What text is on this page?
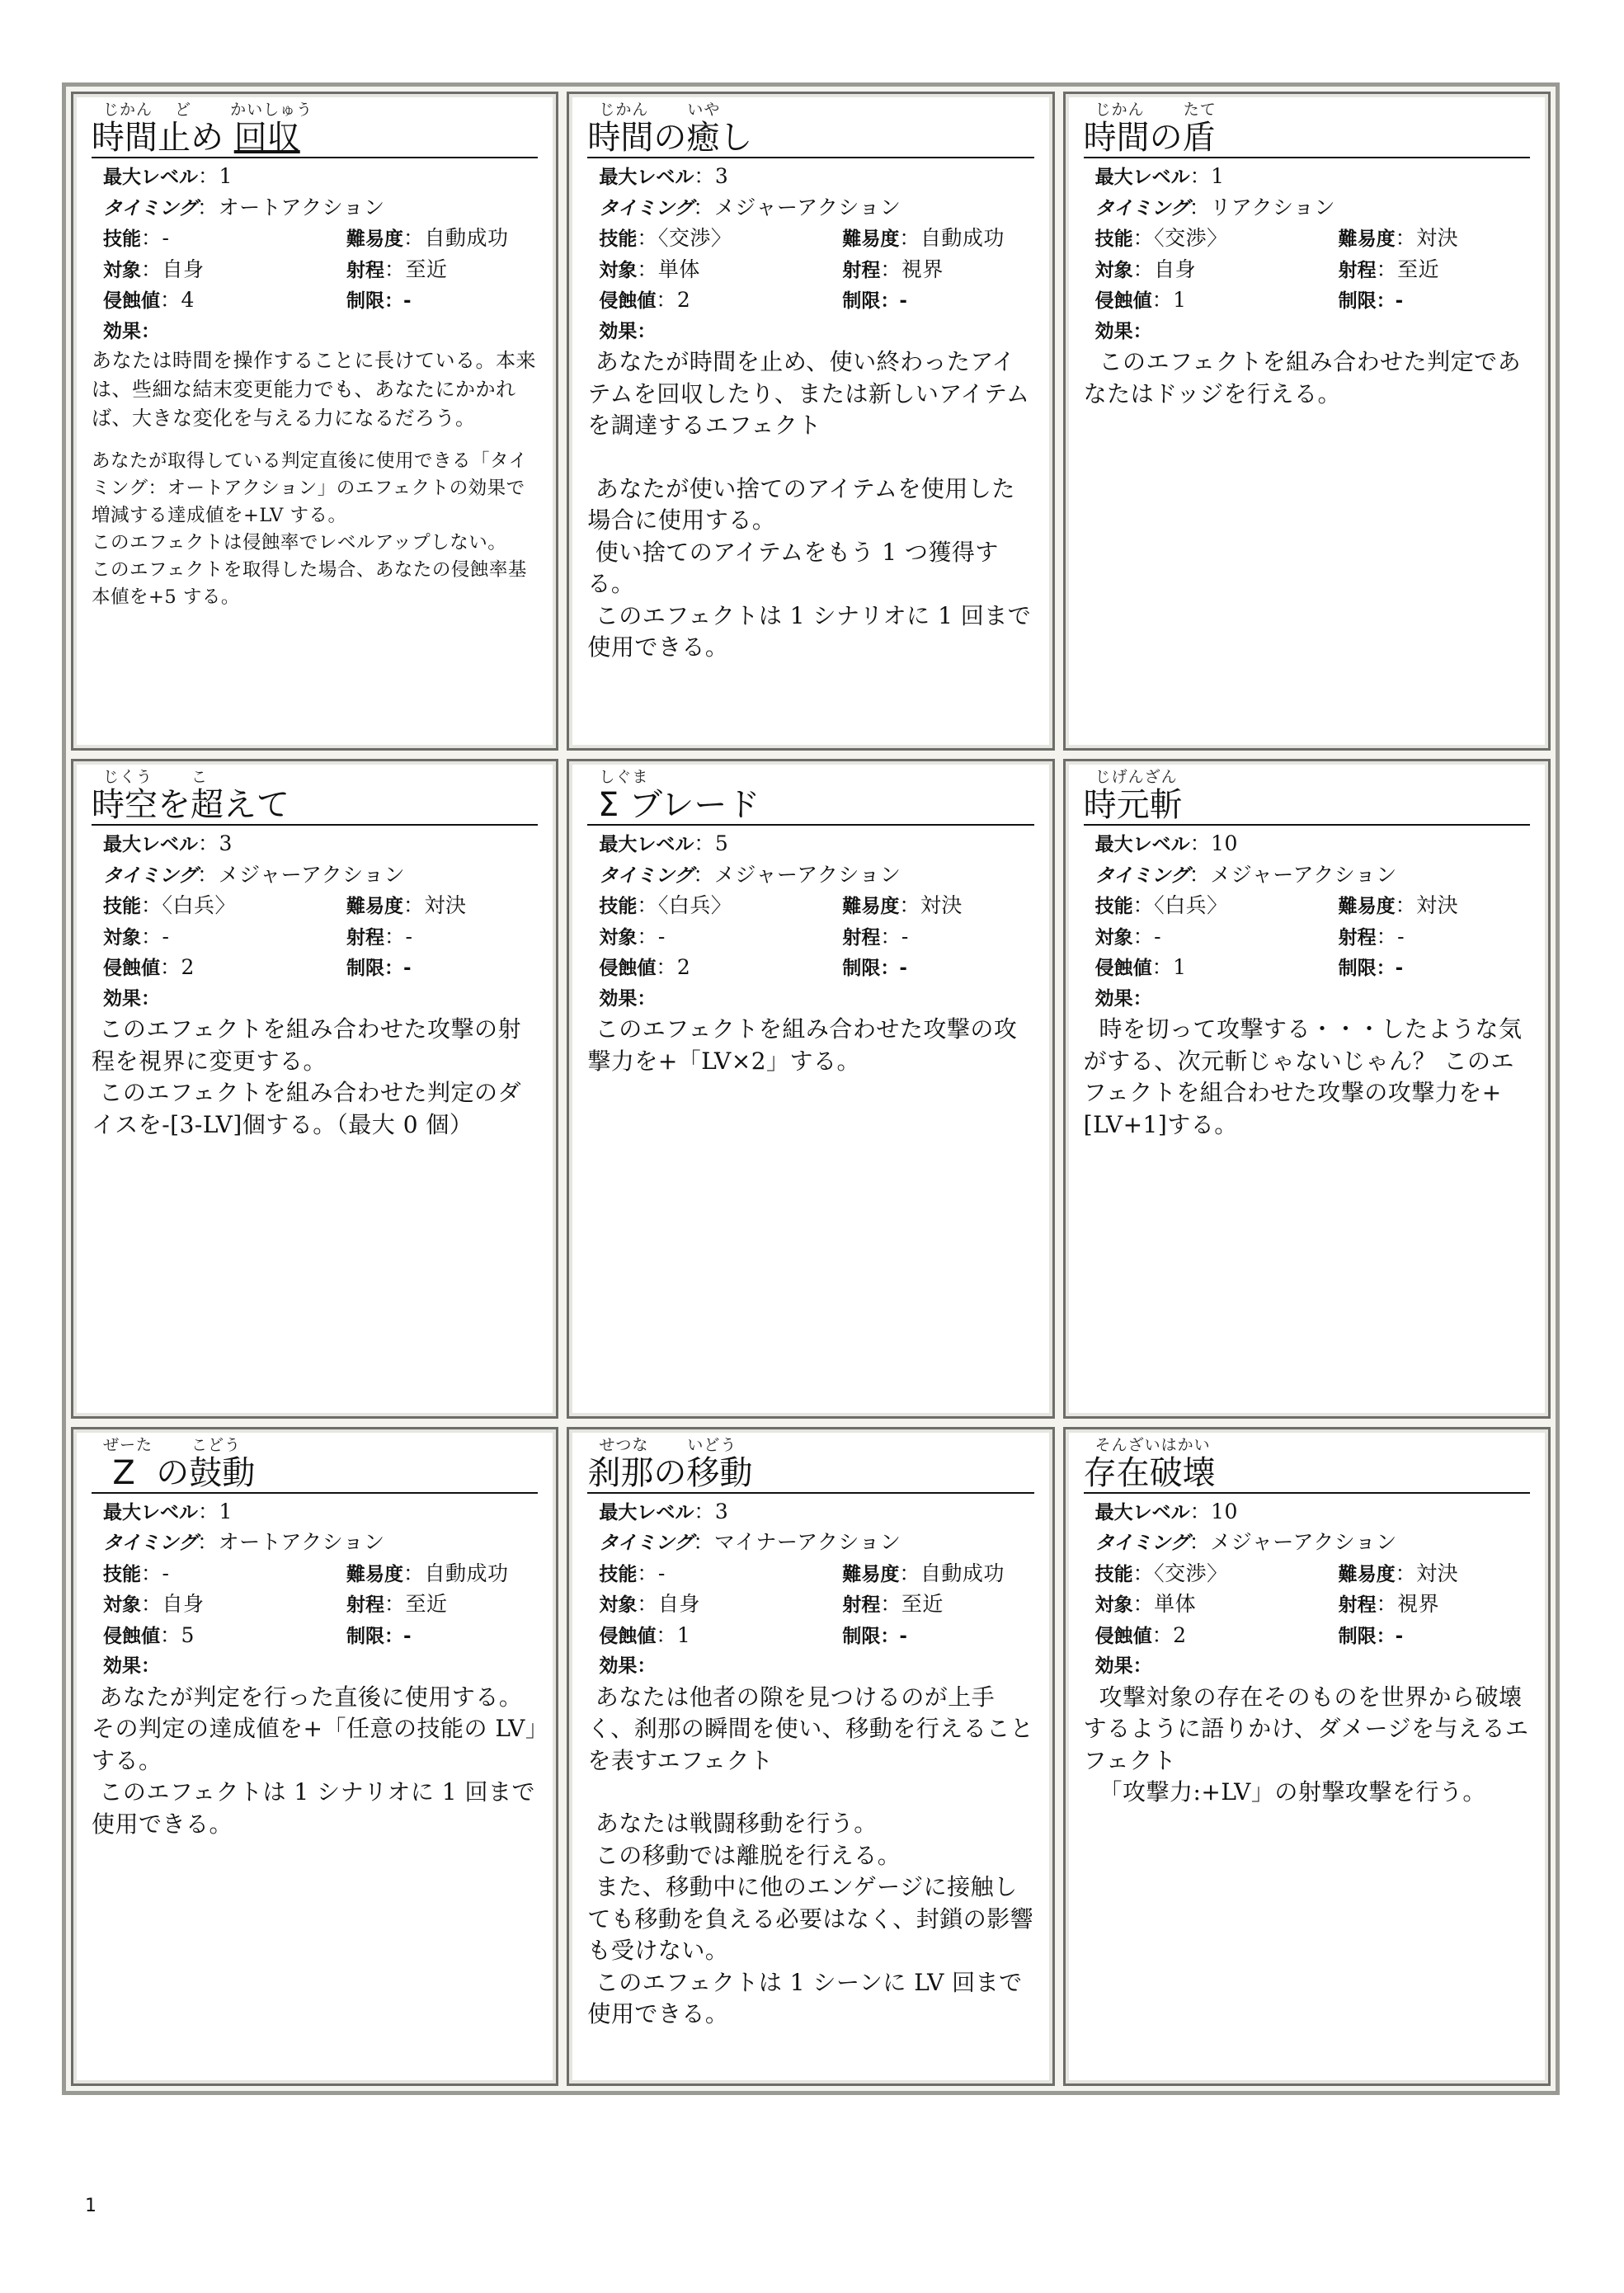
じかん　 ど　　 かいしゅう
時間止め 回収
最大レベル：1
タイミング：オートアクション
技能：-	難易度：自動成功
対象：自身	射程：至近
侵蝕値：4	制限：-
効果：

あなたは時間を操作することに長けている。本来は、些細な結末変更能力でも、あなたにかかれば、大きな変化を与える力になるだろう。

あなたが取得している判定直後に使用できる「タイミング：オートアクション」のエフェクトの効果で増減する達成値を+LV する。

このエフェクトは侵蝕率でレベルアップしない。

このエフェクトを取得した場合、あなたの侵蝕率基本値を+5 する。

じかん　　 いや
時間の癒し
最大レベル：3
タイミング：メジャーアクション
技能：〈交渉〉	難易度：自動成功
対象：単体	射程：視界
侵蝕値：2	制限：-
効果：

あなたが時間を止め、使い終わったアイテムを回収したり、または新しいアイテムを調達するエフェクト

あなたが使い捨てのアイテムを使用した場合に使用する。

使い捨てのアイテムをもう 1 つ獲得する。

このエフェクトは 1 シナリオに 1 回まで使用できる。

じかん　　 たて
時間の盾
最大レベル：1
タイミング：リアクション
技能：〈交渉〉	難易度：対決
対象：自身	射程：至近
侵蝕値：1	制限：-
効果：

このエフェクトを組み合わせた判定であなたはドッジを行える。

じくう　 　こ
時空を超えて
最大レベル：3
タイミング：メジャーアクション
技能：〈白兵〉	難易度：対決
対象：-	射程：-
侵蝕値：2	制限：-
効果：

このエフェクトを組み合わせた攻撃の射程を視界に変更する。

このエフェクトを組み合わせた判定のダイスを-[3-LV]個する。（最大 0 個）

しぐま
Σ ブレード
最大レベル：5
タイミング：メジャーアクション
技能：〈白兵〉	難易度：対決
対象：-	射程：-
侵蝕値：2	制限：-
効果：

このエフェクトを組み合わせた攻撃の攻撃力を+「LV×2」する。

じげんざん
時元斬
最大レベル：10
タイミング：メジャーアクション
技能：〈白兵〉	難易度：対決
対象：-	射程：-
侵蝕値：1	制限：-
効果：

時を切って攻撃する・・・したような気がする、次元斬じゃないじゃん？ このエフェクトを組合わせた攻撃の攻撃力を+[LV+1]する。

ぜーた　　 こどう
Z  の鼓動
最大レベル：1
タイミング：オートアクション
技能：-	難易度：自動成功
対象：自身	射程：至近
侵蝕値：5	制限：-
効果：

あなたが判定を行った直後に使用する。その判定の達成値を+「任意の技能の LV」する。

このエフェクトは 1 シナリオに 1 回まで使用できる。

せつな　　 いどう
刹那の移動
最大レベル：3
タイミング：マイナーアクション
技能：-	難易度：自動成功
対象：自身	射程：至近
侵蝕値：1	制限：-
効果：

あなたは他者の隙を見つけるのが上手く、刹那の瞬間を使い、移動を行えることを表すエフェクト

あなたは戦闘移動を行う。

この移動では離脱を行える。

また、移動中に他のエンゲージに接触しても移動を負える必要はなく、封鎖の影響も受けない。

このエフェクトは 1 シーンに LV 回まで使用できる。

そんざいはかい
存在破壊
最大レベル：10
タイミング：メジャーアクション
技能：〈交渉〉	難易度：対決
対象：単体	射程：視界
侵蝕値：2	制限：-
効果：

攻撃対象の存在そのものを世界から破壊するように語りかけ、ダメージを与えるエフェクト

「攻撃力:+LV」の射撃攻撃を行う。

1
